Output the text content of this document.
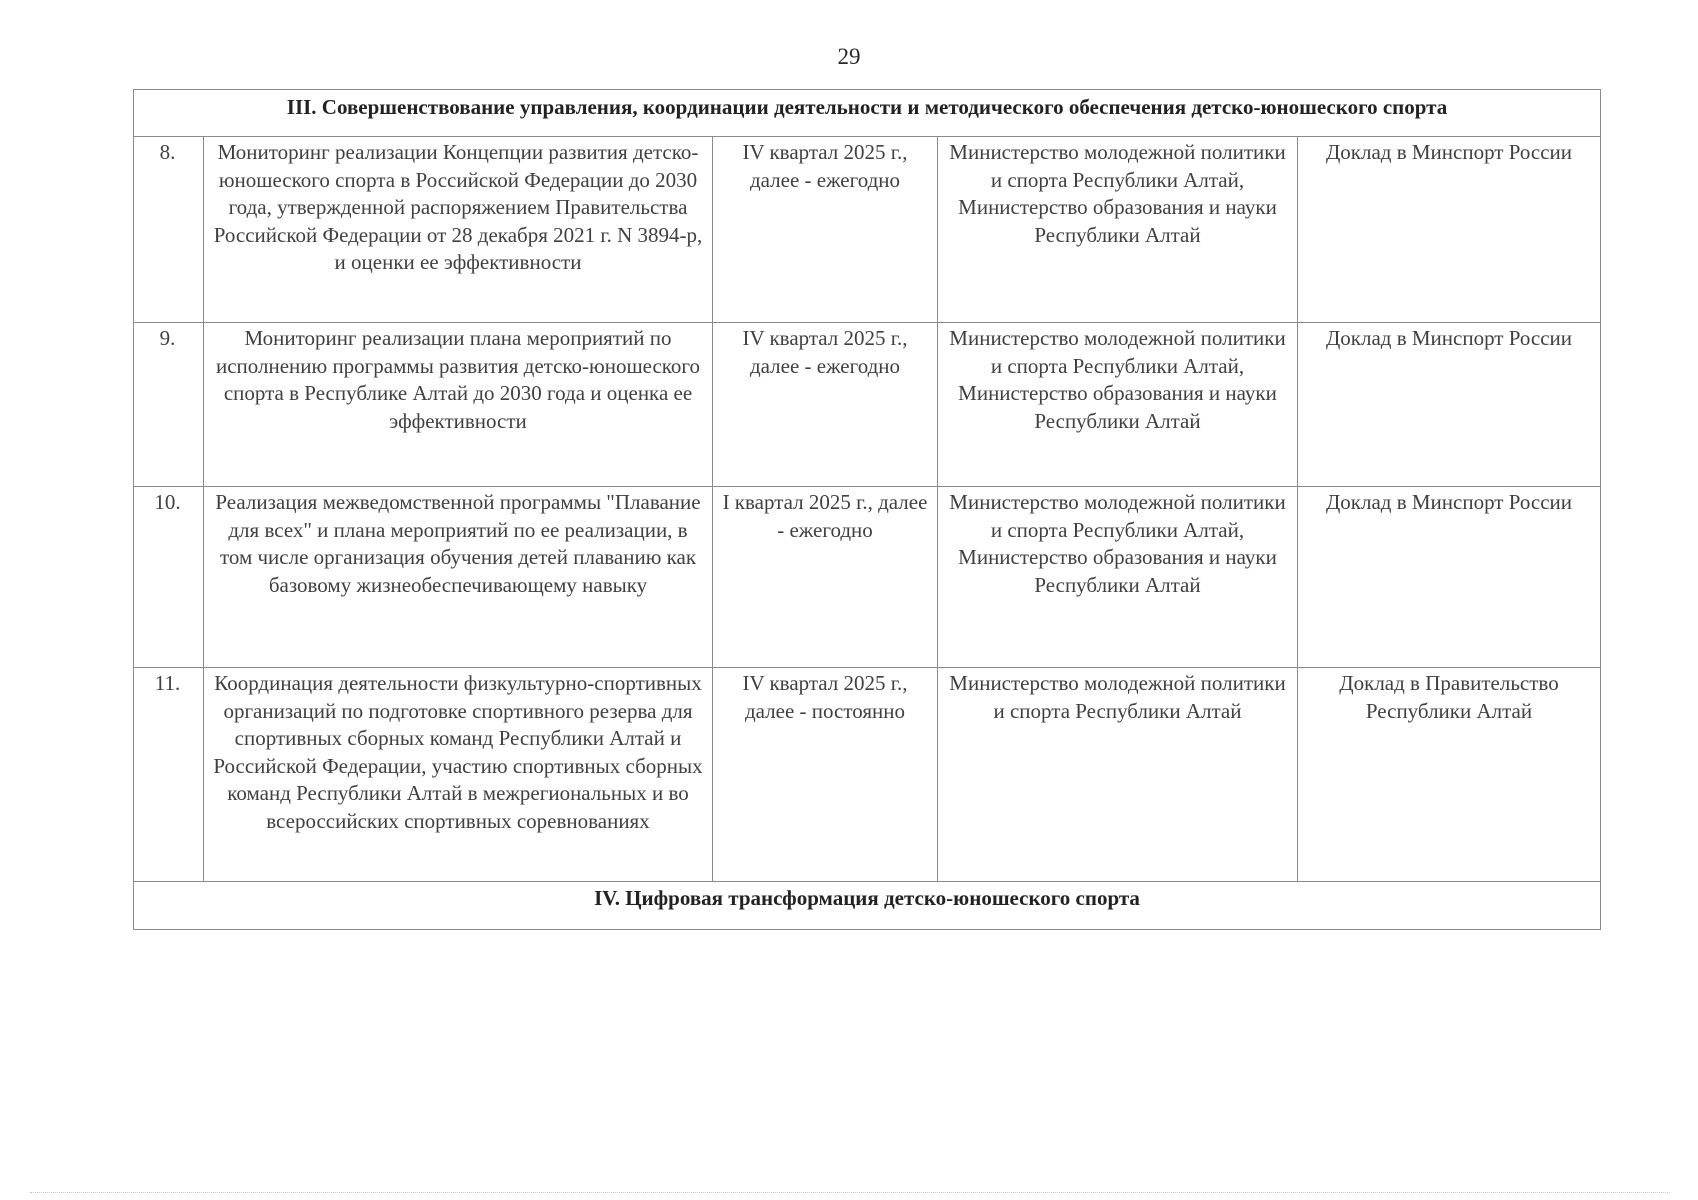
29
III. Совершенствование управления, координации деятельности и методического обеспечения детско-юношеского спорта				
8.	Мониторинг реализации Концепции развития детско-юношеского спорта в Российской Федерации до 2030 года, утвержденной распоряжением Правительства Российской Федерации от 28 декабря 2021 г. N 3894-р, и оценки ее эффективности	IV квартал 2025 г., далее - ежегодно	Министерство молодежной политики и спорта Республики Алтай, Министерство образования и науки Республики Алтай	Доклад в Минспорт России
9.	Мониторинг реализации плана мероприятий по исполнению программы развития детско-юношеского спорта в Республике Алтай до 2030 года и оценка ее эффективности	IV квартал 2025 г., далее - ежегодно	Министерство молодежной политики и спорта Республики Алтай, Министерство образования и науки Республики Алтай	Доклад в Минспорт России
10.	Реализация межведомственной программы "Плавание для всех" и плана мероприятий по ее реализации, в том числе организация обучения детей плаванию как базовому жизнеобеспечивающему навыку	I квартал 2025 г., далее - ежегодно	Министерство молодежной политики и спорта Республики Алтай, Министерство образования и науки Республики Алтай	Доклад в Минспорт России
11.	Координация деятельности физкультурно-спортивных организаций по подготовке спортивного резерва для спортивных сборных команд Республики Алтай и Российской Федерации, участию спортивных сборных команд Республики Алтай в межрегиональных и во всероссийских спортивных соревнованиях	IV квартал 2025 г., далее - постоянно	Министерство молодежной политики и спорта Республики Алтай	Доклад в Правительство Республики Алтай
IV. Цифровая трансформация детско-юношеского спорта				
